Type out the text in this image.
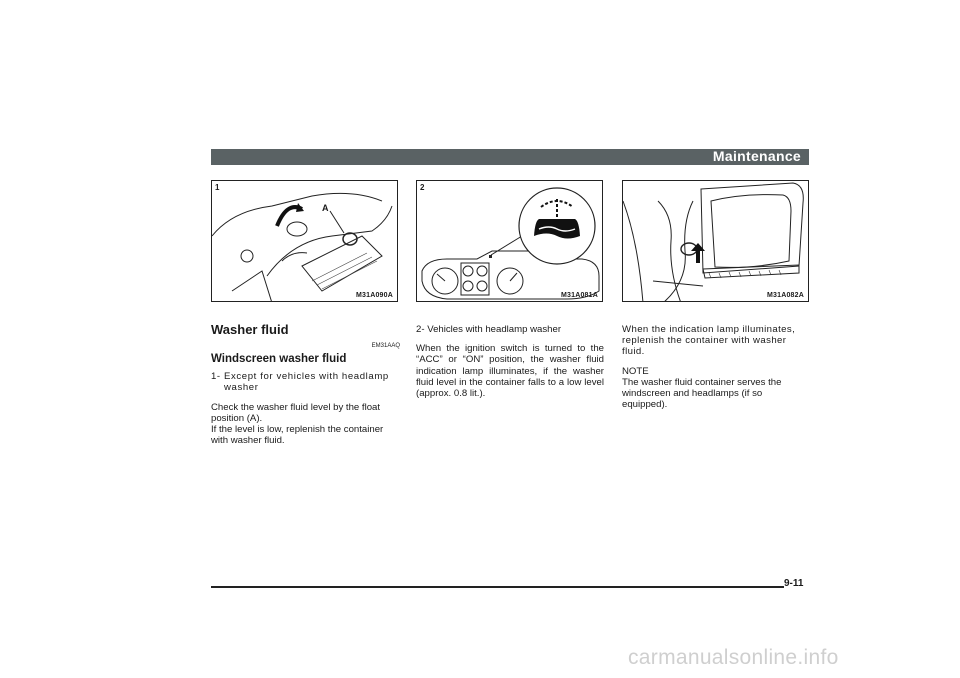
Maintenance
1
A
M31A090A
2
M31A081A	M31A082A
Washer fluid
EM31AAQ
Windscreen washer fluid
1- Except for vehicles with headlamp washer

Check the washer fluid level by the float position (A).

If the level is low, replenish the container with washer fluid.

2- Vehicles with headlamp washer

When the ignition switch is turned to the “ACC” or “ON” position, the washer fluid indication lamp illuminates, if the washer fluid level in the container falls to a low level (approx. 0.8 lit.).

When the indication lamp illuminates, replenish the container with washer fluid.

NOTE

The washer fluid container serves the windscreen and headlamps (if so equipped).

9-11
carmanualsonline.info
